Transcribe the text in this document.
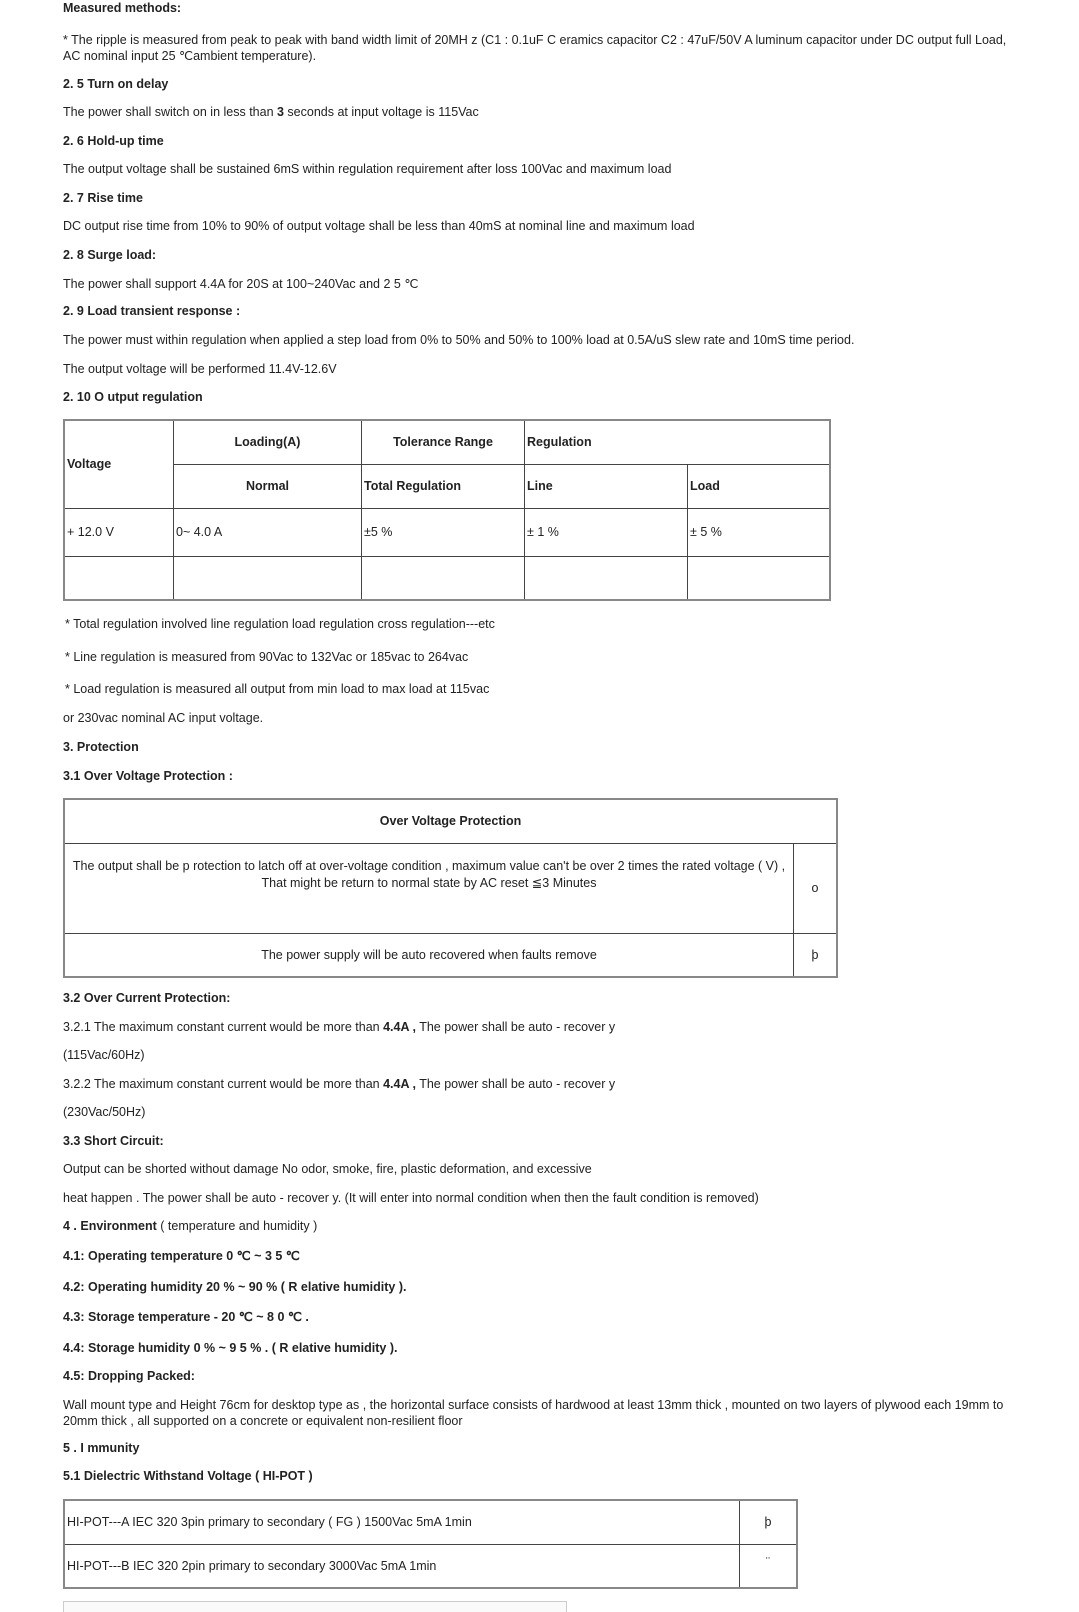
Measured methods:
* The ripple is measured from peak to peak with band width limit of 20MH z (C1 : 0.1uF C eramics capacitor C2 : 47uF/50V A luminum capacitor under DC output full Load, AC nominal input 25 ℃ambient temperature).
2. 5 Turn on delay
The power shall switch on in less than 3 seconds at input voltage is 115Vac
2. 6 Hold-up time
The output voltage shall be sustained 6mS within regulation requirement after loss 100Vac and maximum load
2. 7 Rise time
DC output rise time from 10% to 90% of output voltage shall be less than 40mS at nominal line and maximum load
2. 8 Surge load:
The power shall support 4.4A for 20S at 100~240Vac and 2 5 ℃
2. 9 Load transient response :
The power must within regulation when applied a step load from 0% to 50% and 50% to 100% load at 0.5A/uS slew rate and 10mS time period.
The output voltage will be performed 11.4V-12.6V
2. 10 O utput regulation
Voltage	Loading(A)	Tolerance Range	Regulation	
	Normal	Total Regulation	Line	Load
+ 12.0 V	0~ 4.0 A	±5 %	± 1 %	± 5 %

* Total regulation involved line regulation load regulation cross regulation---etc
* Line regulation is measured from 90Vac to 132Vac or 185vac to 264vac
* Load regulation is measured all output from min load to max load at 115vac
or 230vac nominal AC input voltage.
3. Protection
3.1 Over Voltage Protection :
Over Voltage Protection	
The output shall be p rotection to latch off at over-voltage condition , maximum value can't be over 2 times the rated voltage ( V) , That might be return to normal state by AC reset ≦3 Minutes	o
The power supply will be auto recovered when faults remove	þ
3.2 Over Current Protection:
3.2.1 The maximum constant current would be more than 4.4A , The power shall be auto - recover y
(115Vac/60Hz)
3.2.2 The maximum constant current would be more than 4.4A , The power shall be auto - recover y
(230Vac/50Hz)
3.3 Short Circuit:
Output can be shorted without damage No odor, smoke, fire, plastic deformation, and excessive
heat happen . The power shall be auto - recover y. (It will enter into normal condition when then the fault condition is removed)
4 . Environment ( temperature and humidity )
4.1: Operating temperature 0 ℃ ~ 3 5 ℃
4.2: Operating humidity 20 % ~ 90 % ( R elative humidity ).
4.3: Storage temperature - 20 ℃ ~ 8 0 ℃ .
4.4: Storage humidity 0 % ~ 9 5 % . ( R elative humidity ).
4.5: Dropping Packed:
Wall mount type and Height 76cm for desktop type as , the horizontal surface consists of hardwood at least 13mm thick , mounted on two layers of plywood each 19mm to 20mm thick , all supported on a concrete or equivalent non-resilient floor
5 . I mmunity
5.1 Dielectric Withstand Voltage ( HI-POT )
HI-POT---A IEC 320 3pin primary to secondary ( FG ) 1500Vac 5mA 1min	þ
HI-POT---B IEC 320 2pin primary to secondary 3000Vac 5mA 1min	¨
